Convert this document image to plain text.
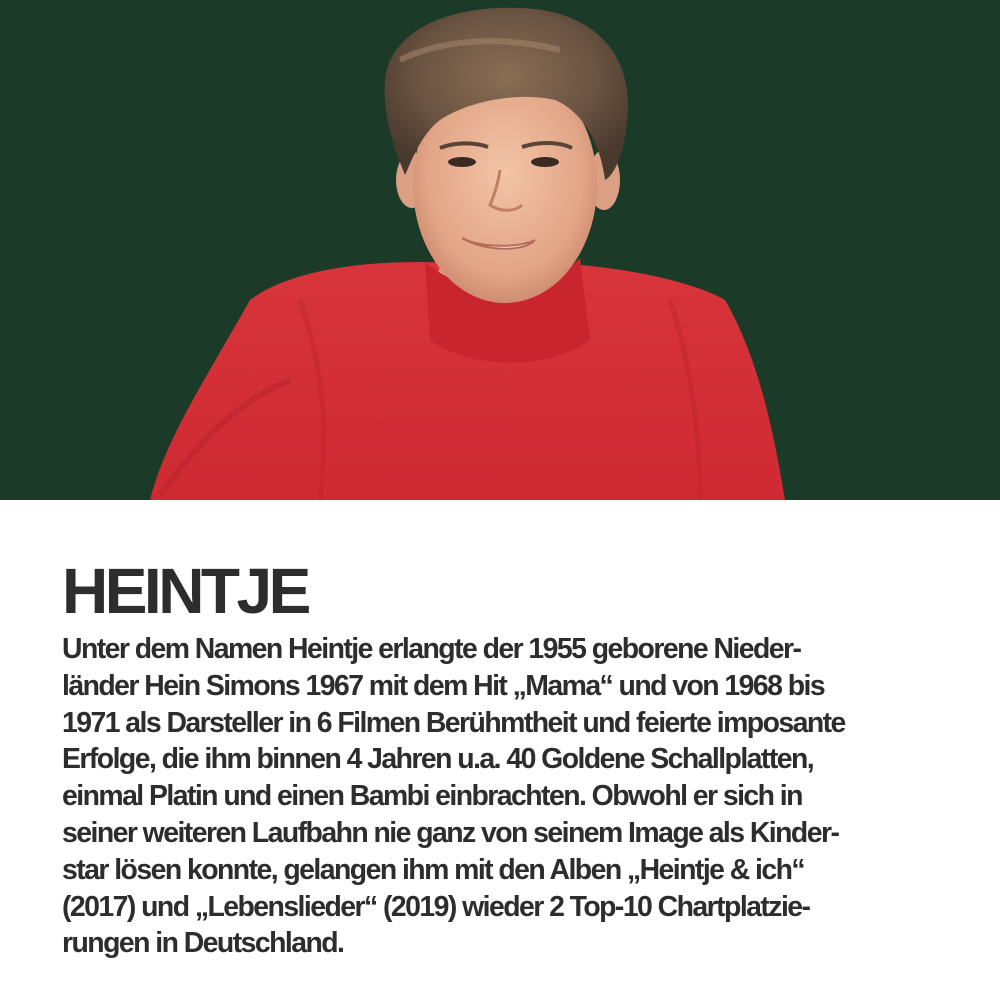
HEINTJE

Unter dem Namen Heintje erlangte der 1955 geborene Nieder-
länder Hein Simons 1967 mit dem Hit „Mama“ und von 1968 bis
1971 als Darsteller in 6 Filmen Berühmtheit und feierte imposante
Erfolge, die ihm binnen 4 Jahren u.a. 40 Goldene Schallplatten,
einmal Platin und einen Bambi einbrachten. Obwohl er sich in
seiner weiteren Laufbahn nie ganz von seinem Image als Kinder-
star lösen konnte, gelangen ihm mit den Alben „Heintje & ich“
(2017) und „Lebenslieder“ (2019) wieder 2 Top-10 Chartplatzie-
rungen in Deutschland.
